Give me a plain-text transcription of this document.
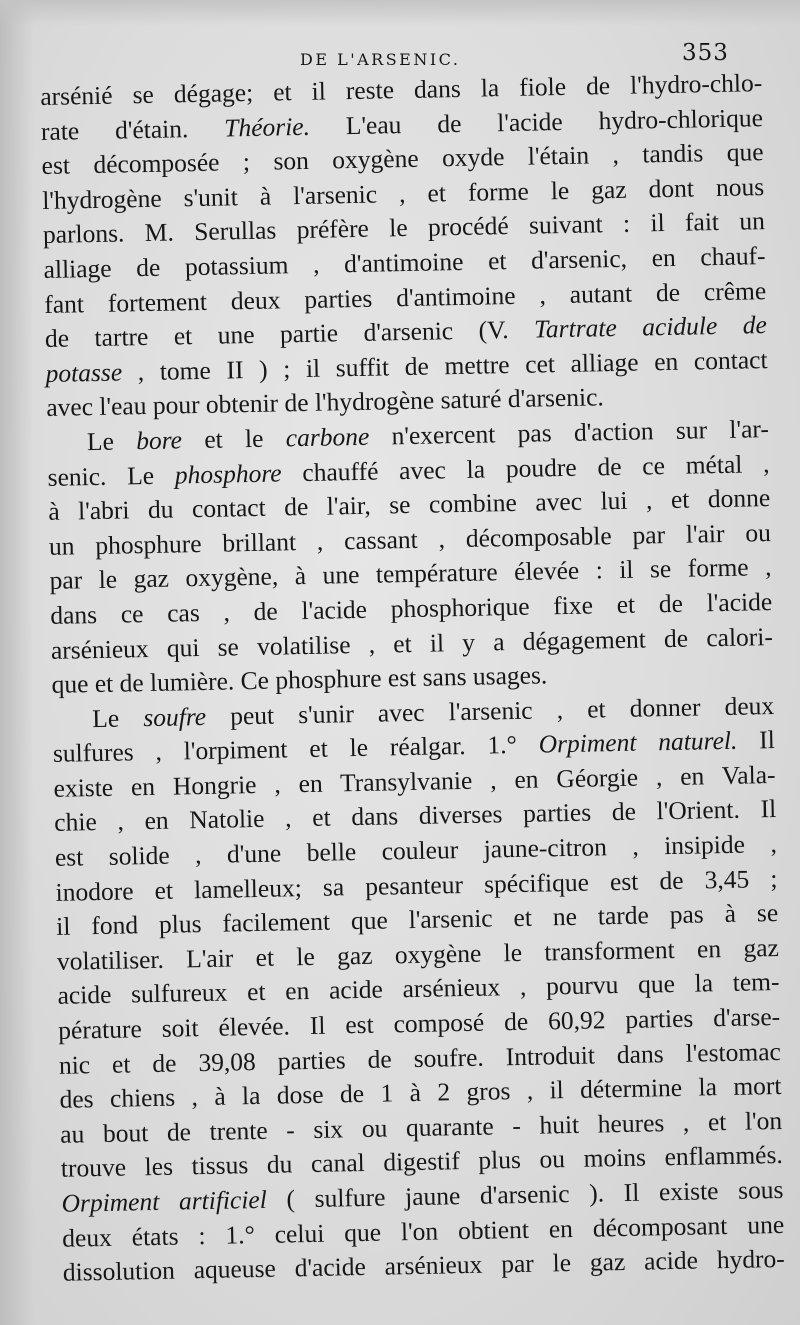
DE L'ARSENIC.	353
arsénié se dégage; et il reste dans la fiole de l'hydro-chlo-
rate d'étain. Théorie. L'eau de l'acide hydro-chlorique
est décomposée ; son oxygène oxyde l'étain , tandis que
l'hydrogène s'unit à l'arsenic , et forme le gaz dont nous
parlons. M. Serullas préfère le procédé suivant : il fait un
alliage de potassium , d'antimoine et d'arsenic, en chauf-
fant fortement deux parties d'antimoine , autant de crême
de tartre et une partie d'arsenic (V. Tartrate acidule de
potasse , tome II ) ; il suffit de mettre cet alliage en contact
avec l'eau pour obtenir de l'hydrogène saturé d'arsenic.
Le bore et le carbone n'exercent pas d'action sur l'ar-
senic. Le phosphore chauffé avec la poudre de ce métal ,
à l'abri du contact de l'air, se combine avec lui , et donne
un phosphure brillant , cassant , décomposable par l'air ou
par le gaz oxygène, à une température élevée : il se forme ,
dans ce cas , de l'acide phosphorique fixe et de l'acide
arsénieux qui se volatilise , et il y a dégagement de calori-
que et de lumière. Ce phosphure est sans usages.
Le soufre peut s'unir avec l'arsenic , et donner deux
sulfures , l'orpiment et le réalgar. 1.° Orpiment naturel. Il
existe en Hongrie , en Transylvanie , en Géorgie , en Vala-
chie , en Natolie , et dans diverses parties de l'Orient. Il
est solide , d'une belle couleur jaune-citron , insipide ,
inodore et lamelleux; sa pesanteur spécifique est de 3,45 ;
il fond plus facilement que l'arsenic et ne tarde pas à se
volatiliser. L'air et le gaz oxygène le transforment en gaz
acide sulfureux et en acide arsénieux , pourvu que la tem-
pérature soit élevée. Il est composé de 60,92 parties d'arse-
nic et de 39,08 parties de soufre. Introduit dans l'estomac
des chiens , à la dose de 1 à 2 gros , il détermine la mort
au bout de trente - six ou quarante - huit heures , et l'on
trouve les tissus du canal digestif plus ou moins enflammés.
Orpiment artificiel ( sulfure jaune d'arsenic ). Il existe sous
deux états : 1.° celui que l'on obtient en décomposant une
dissolution aqueuse d'acide arsénieux par le gaz acide hydro-
